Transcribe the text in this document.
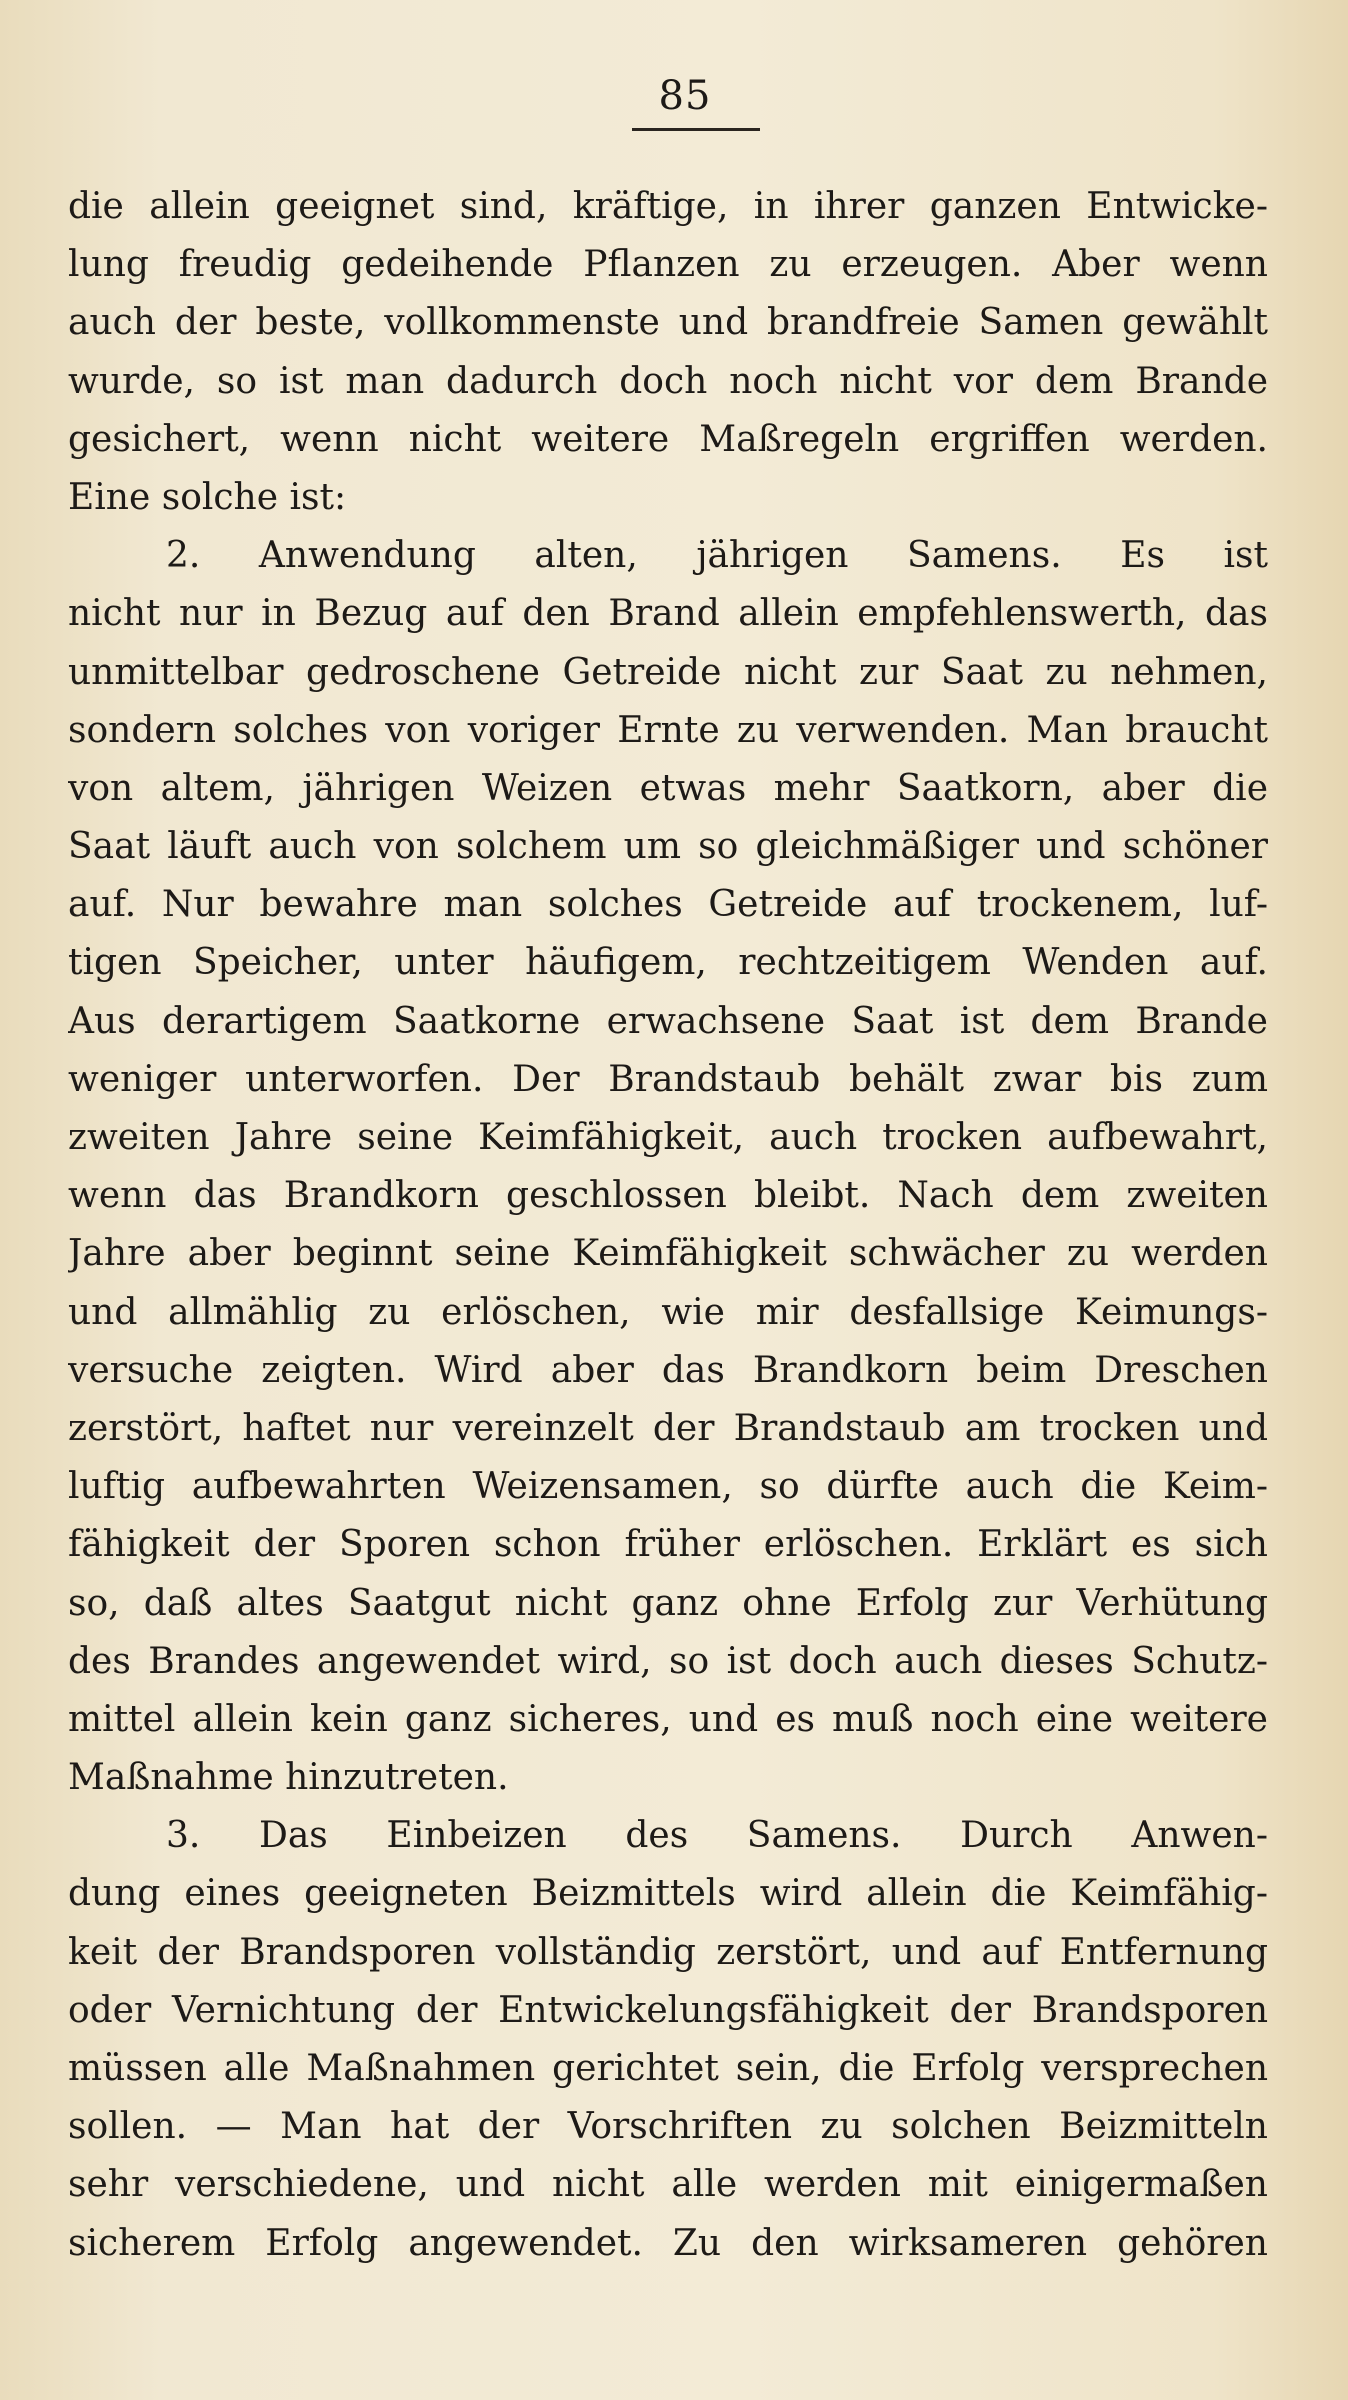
85
die allein geeignet sind, kräftige, in ihrer ganzen Entwicke-
lung freudig gedeihende Pflanzen zu erzeugen. Aber wenn
auch der beste, vollkommenste und brandfreie Samen gewählt
wurde, so ist man dadurch doch noch nicht vor dem Brande
gesichert, wenn nicht weitere Maßregeln ergriffen werden.
Eine solche ist:
2. Anwendung alten, jährigen Samens. Es ist
nicht nur in Bezug auf den Brand allein empfehlenswerth, das
unmittelbar gedroschene Getreide nicht zur Saat zu nehmen,
sondern solches von voriger Ernte zu verwenden. Man braucht
von altem, jährigen Weizen etwas mehr Saatkorn, aber die
Saat läuft auch von solchem um so gleichmäßiger und schöner
auf. Nur bewahre man solches Getreide auf trockenem, luf-
tigen Speicher, unter häufigem, rechtzeitigem Wenden auf.
Aus derartigem Saatkorne erwachsene Saat ist dem Brande
weniger unterworfen. Der Brandstaub behält zwar bis zum
zweiten Jahre seine Keimfähigkeit, auch trocken aufbewahrt,
wenn das Brandkorn geschlossen bleibt. Nach dem zweiten
Jahre aber beginnt seine Keimfähigkeit schwächer zu werden
und allmählig zu erlöschen, wie mir desfallsige Keimungs-
versuche zeigten. Wird aber das Brandkorn beim Dreschen
zerstört, haftet nur vereinzelt der Brandstaub am trocken und
luftig aufbewahrten Weizensamen, so dürfte auch die Keim-
fähigkeit der Sporen schon früher erlöschen. Erklärt es sich
so, daß altes Saatgut nicht ganz ohne Erfolg zur Verhütung
des Brandes angewendet wird, so ist doch auch dieses Schutz-
mittel allein kein ganz sicheres, und es muß noch eine weitere
Maßnahme hinzutreten.
3. Das Einbeizen des Samens. Durch Anwen-
dung eines geeigneten Beizmittels wird allein die Keimfähig-
keit der Brandsporen vollständig zerstört, und auf Entfernung
oder Vernichtung der Entwickelungsfähigkeit der Brandsporen
müssen alle Maßnahmen gerichtet sein, die Erfolg versprechen
sollen. — Man hat der Vorschriften zu solchen Beizmitteln
sehr verschiedene, und nicht alle werden mit einigermaßen
sicherem Erfolg angewendet. Zu den wirksameren gehören
